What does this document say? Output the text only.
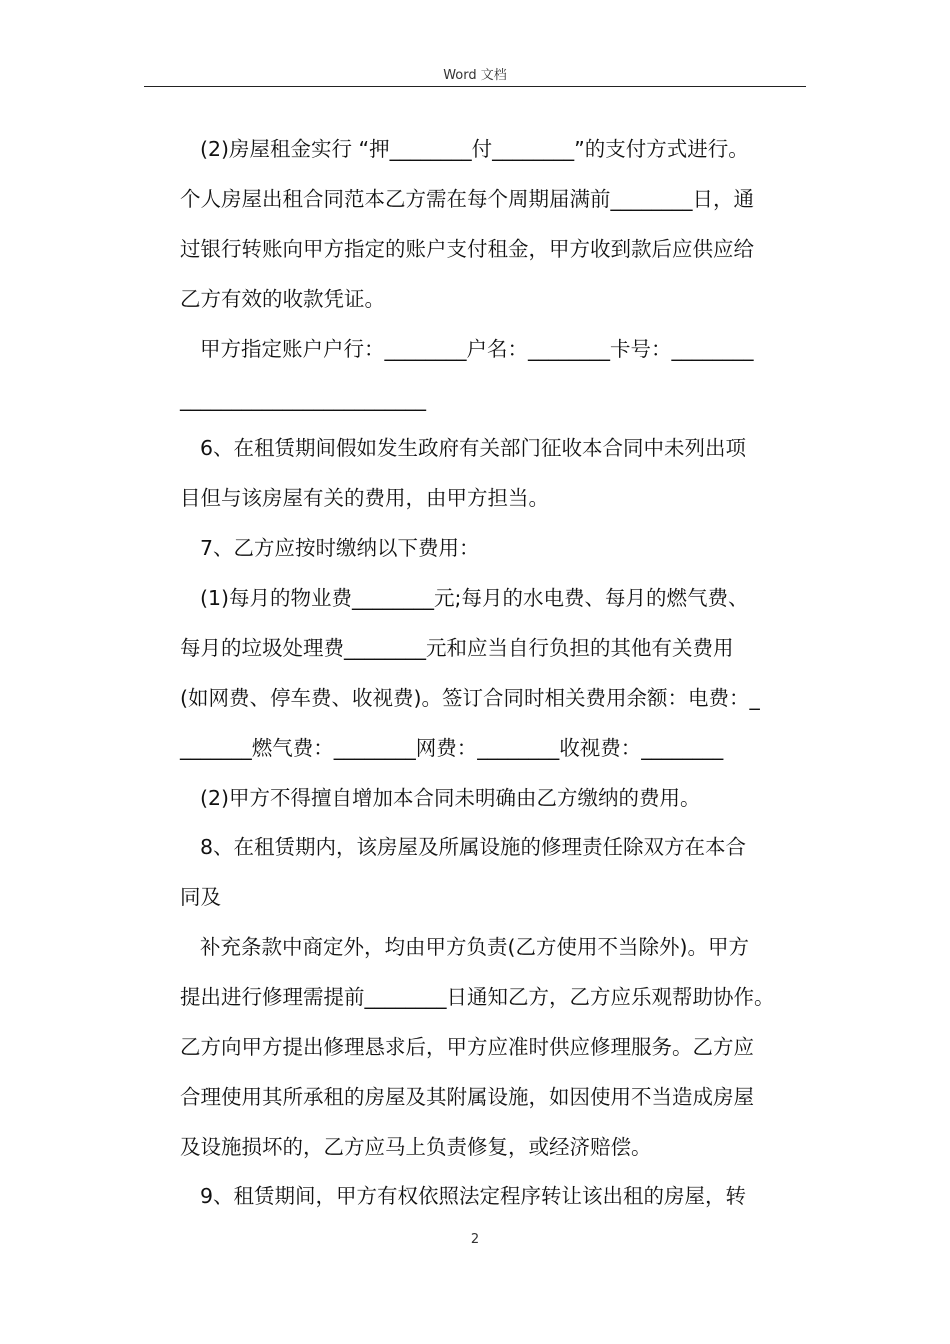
Word 文档
(2)房屋租金实行 “押________付________”的支付方式进行。
个人房屋出租合同范本乙方需在每个周期届满前________日，通
过银行转账向甲方指定的账户支付租金，甲方收到款后应供应给
乙方有效的收款凭证。
甲方指定账户户行：________户名：________卡号：________
________________________
6、在租赁期间假如发生政府有关部门征收本合同中未列出项
目但与该房屋有关的费用，由甲方担当。
7、乙方应按时缴纳以下费用：
(1)每月的物业费________元;每月的水电费、每月的燃气费、
每月的垃圾处理费________元和应当自行负担的其他有关费用
(如网费、停车费、收视费)。签订合同时相关费用余额：电费：_
_______燃气费：________网费：________收视费：________
(2)甲方不得擅自增加本合同未明确由乙方缴纳的费用。
8、在租赁期内，该房屋及所属设施的修理责任除双方在本合
同及
补充条款中商定外，均由甲方负责(乙方使用不当除外)。甲方
提出进行修理需提前________日通知乙方，乙方应乐观帮助协作。
乙方向甲方提出修理恳求后，甲方应准时供应修理服务。乙方应
合理使用其所承租的房屋及其附属设施，如因使用不当造成房屋
及设施损坏的，乙方应马上负责修复，或经济赔偿。
9、租赁期间，甲方有权依照法定程序转让该出租的房屋，转
2
